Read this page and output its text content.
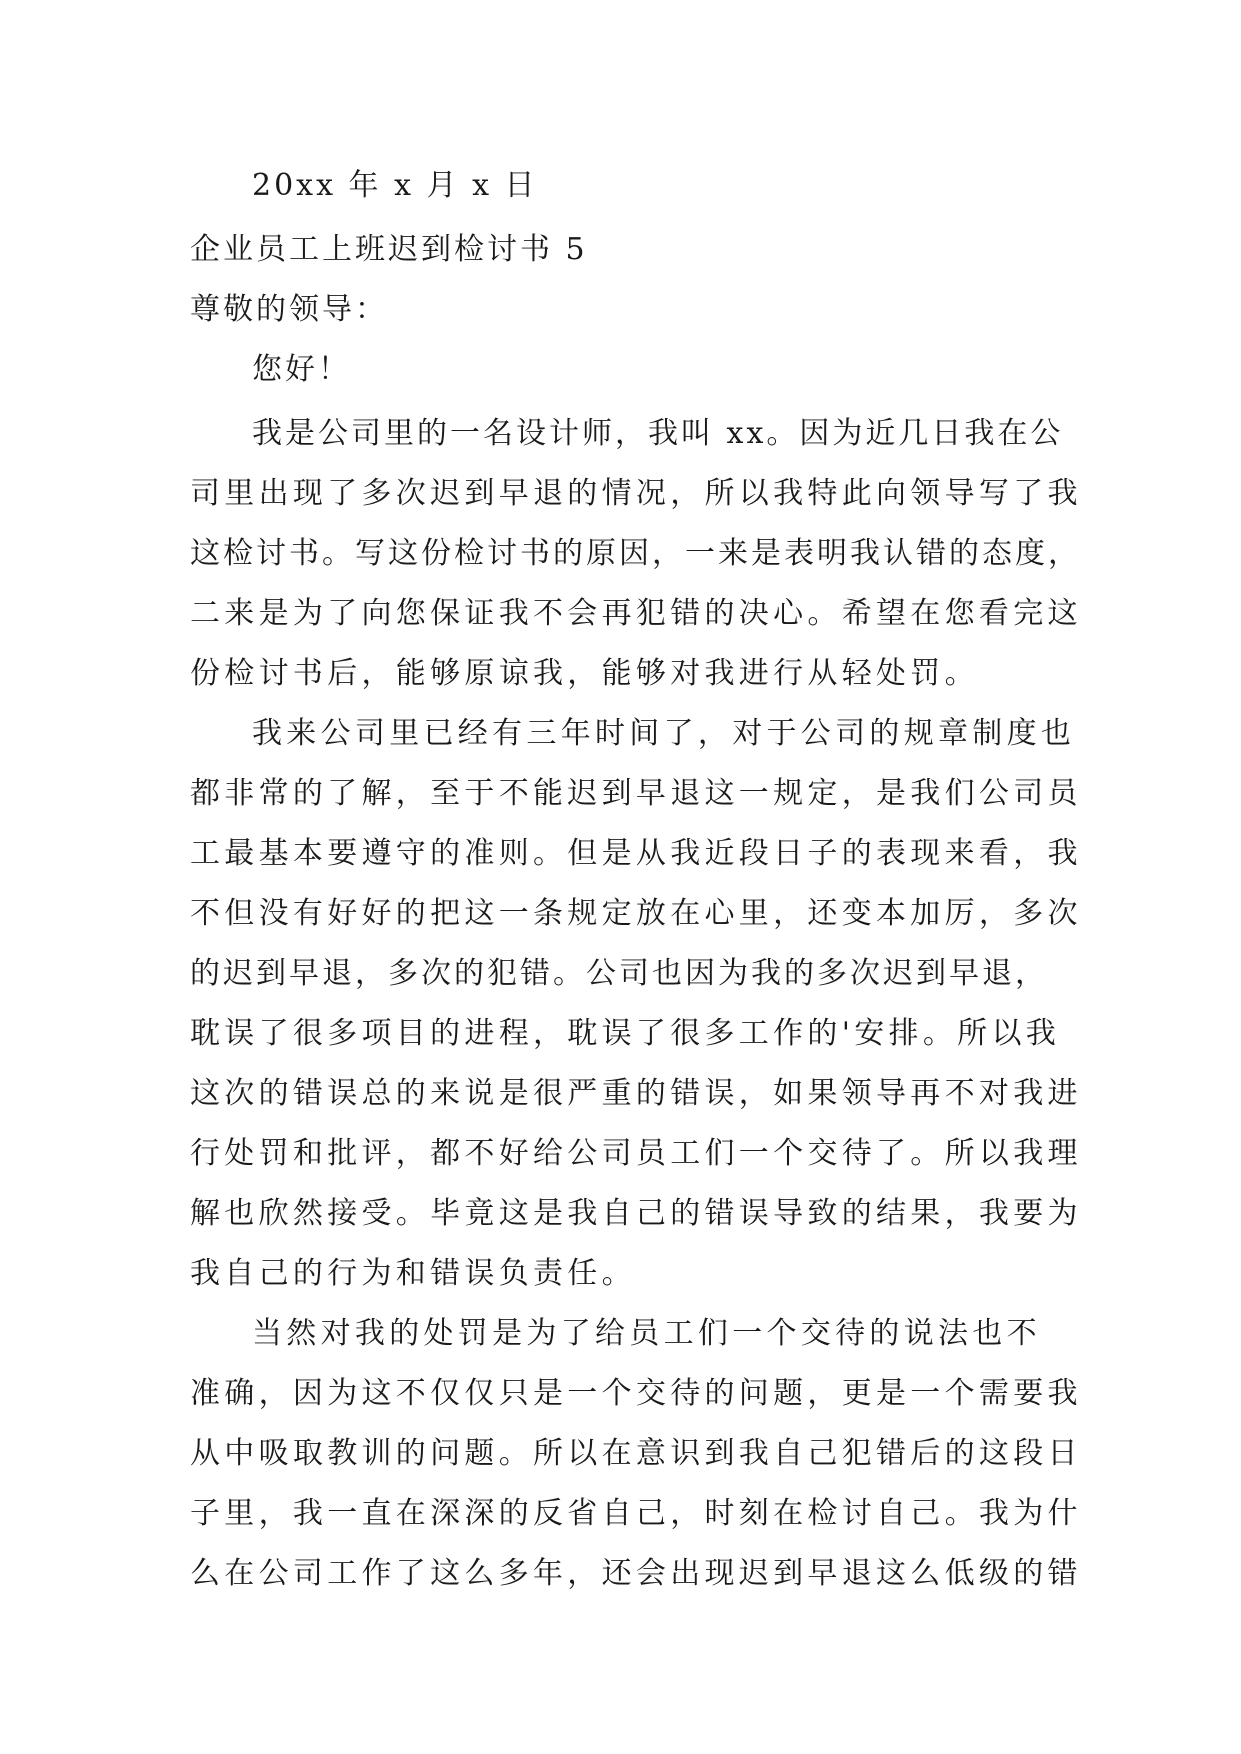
20xx 年 x 月 x 日
企业员工上班迟到检讨书 5
尊敬的领导：
您好！
我是公司里的一名设计师，我叫 xx。因为近几日我在公
司里出现了多次迟到早退的情况，所以我特此向领导写了我
这检讨书。写这份检讨书的原因，一来是表明我认错的态度，
二来是为了向您保证我不会再犯错的决心。希望在您看完这
份检讨书后，能够原谅我，能够对我进行从轻处罚。
我来公司里已经有三年时间了，对于公司的规章制度也
都非常的了解，至于不能迟到早退这一规定，是我们公司员
工最基本要遵守的准则。但是从我近段日子的表现来看，我
不但没有好好的把这一条规定放在心里，还变本加厉，多次
的迟到早退，多次的犯错。公司也因为我的多次迟到早退，
耽误了很多项目的进程，耽误了很多工作的'安排。所以我
这次的错误总的来说是很严重的错误，如果领导再不对我进
行处罚和批评，都不好给公司员工们一个交待了。所以我理
解也欣然接受。毕竟这是我自己的错误导致的结果，我要为
我自己的行为和错误负责任。
当然对我的处罚是为了给员工们一个交待的说法也不
准确，因为这不仅仅只是一个交待的问题，更是一个需要我
从中吸取教训的问题。所以在意识到我自己犯错后的这段日
子里，我一直在深深的反省自己，时刻在检讨自己。我为什
么在公司工作了这么多年，还会出现迟到早退这么低级的错
